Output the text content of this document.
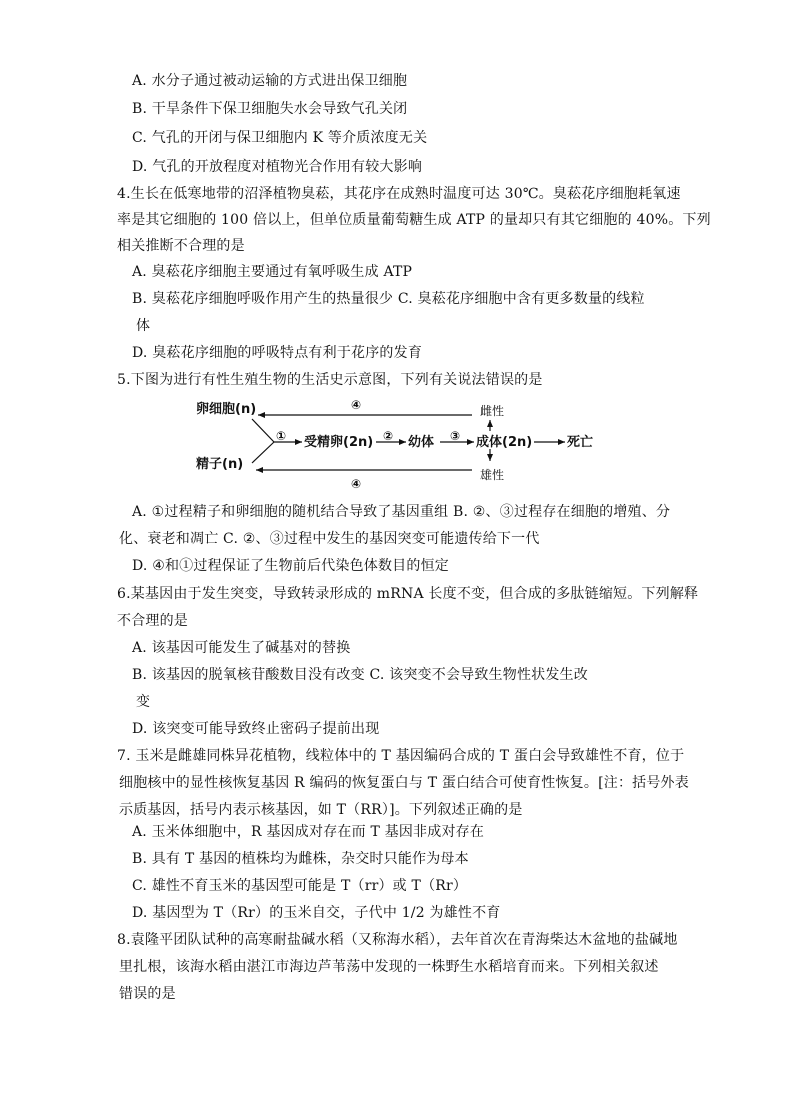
A. 水分子通过被动运输的方式进出保卫细胞
B. 干旱条件下保卫细胞失水会导致气孔关闭
C. 气孔的开闭与保卫细胞内 K 等介质浓度无关
D. 气孔的开放程度对植物光合作用有较大影响
4.生长在低寒地带的沼泽植物臭菘，其花序在成熟时温度可达 30℃。臭菘花序细胞耗氧速
率是其它细胞的 100 倍以上，但单位质量葡萄糖生成 ATP 的量却只有其它细胞的 40%。下列
相关推断不合理的是
A. 臭菘花序细胞主要通过有氧呼吸生成 ATP
B. 臭菘花序细胞呼吸作用产生的热量很少 C. 臭菘花序细胞中含有更多数量的线粒
体
D. 臭菘花序细胞的呼吸特点有利于花序的发育
5.下图为进行有性生殖生物的生活史示意图，下列有关说法错误的是
卵细胞(n)
精子(n)
受精卵(2n)	幼体	成体(2n)	死亡
雌性
雄性
④
①	②	③
④
A. ①过程精子和卵细胞的随机结合导致了基因重组 B. ②、③过程存在细胞的增殖、分
化、衰老和凋亡 C. ②、③过程中发生的基因突变可能遗传给下一代
D. ④和①过程保证了生物前后代染色体数目的恒定
6.某基因由于发生突变，导致转录形成的 mRNA 长度不变，但合成的多肽链缩短。下列解释
不合理的是
A. 该基因可能发生了碱基对的替换
B. 该基因的脱氧核苷酸数目没有改变 C. 该突变不会导致生物性状发生改
变
D. 该突变可能导致终止密码子提前出现
7. 玉米是雌雄同株异花植物，线粒体中的 T 基因编码合成的 T 蛋白会导致雄性不育，位于
细胞核中的显性核恢复基因 R 编码的恢复蛋白与 T 蛋白结合可使育性恢复。[注：括号外表
示质基因，括号内表示核基因，如 T（RR）]。下列叙述正确的是
A. 玉米体细胞中，R 基因成对存在而 T 基因非成对存在
B. 具有 T 基因的植株均为雌株，杂交时只能作为母本
C. 雄性不育玉米的基因型可能是 T（rr）或 T（Rr）
D. 基因型为 T（Rr）的玉米自交，子代中 1/2 为雄性不育
8.袁隆平团队试种的高寒耐盐碱水稻（又称海水稻），去年首次在青海柴达木盆地的盐碱地
里扎根，该海水稻由湛江市海边芦苇荡中发现的一株野生水稻培育而来。下列相关叙述
错误的是
